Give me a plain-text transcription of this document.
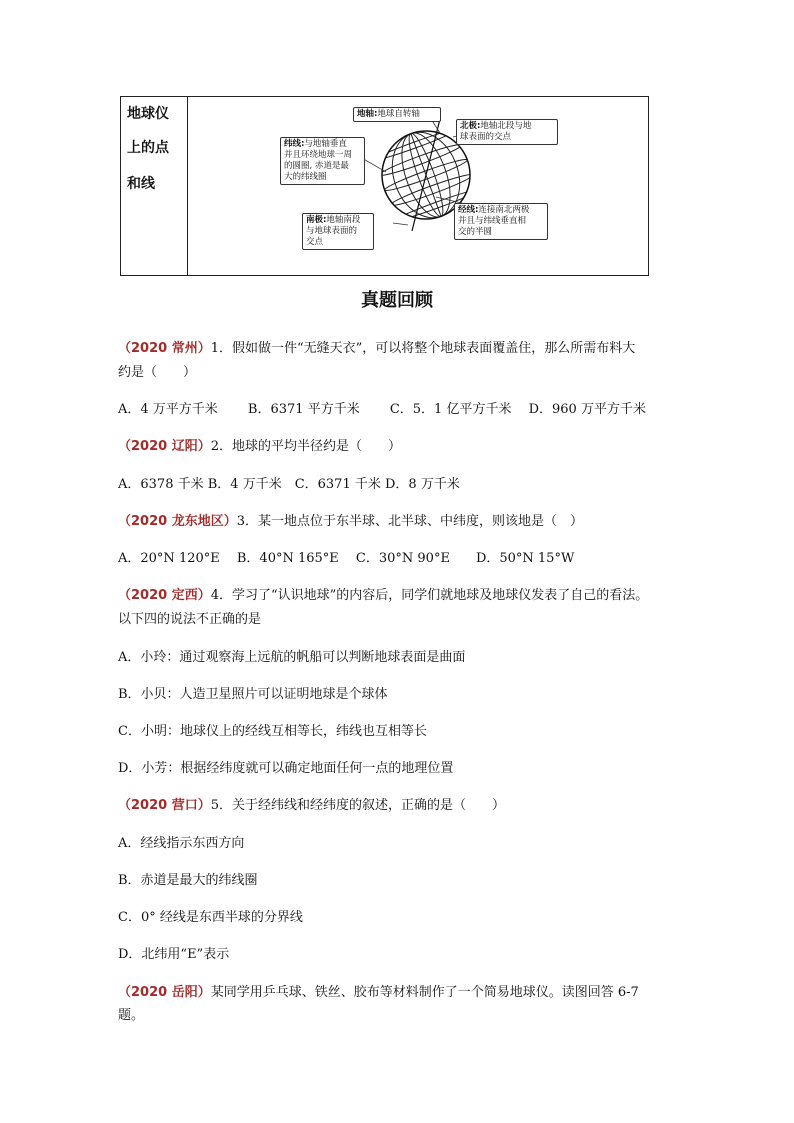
地球仪
上的点
和线
地轴:地球自转轴
北极:地轴北段与地
球表面的交点
纬线:与地轴垂直
并且环绕地球一周
的圆圈, 赤道是最
大的纬线圈
南极:地轴南段
与地球表面的
交点
经线:连接南北两极
并且与纬线垂直相
交的半圆
真题回顾
（2020 常州）1．假如做一件“无缝天衣”，可以将整个地球表面覆盖住，那么所需布料大
约是（　　）
A．4 万平方千米　　 B．6371 平方千米　　 C．5．1 亿平方千米　 D．960 万平方千米
（2020 辽阳）2．地球的平均半径约是（　　）
A．6378 千米 B．4 万千米　C．6371 千米 D．8 万千米
（2020 龙东地区）3．某一地点位于东半球、北半球、中纬度，则该地是（　）
A．20°N 120°E　 B．40°N 165°E　 C．30°N 90°E　　D．50°N 15°W
（2020 定西）4．学习了“认识地球”的内容后，同学们就地球及地球仪发表了自己的看法。
以下四的说法不正确的是
A．小玲：通过观察海上远航的帆船可以判断地球表面是曲面
B．小贝：人造卫星照片可以证明地球是个球体
C．小明：地球仪上的经线互相等长，纬线也互相等长
D．小芳：根据经纬度就可以确定地面任何一点的地理位置
（2020 营口）5．关于经纬线和经纬度的叙述，正确的是（　　）
A．经线指示东西方向
B．赤道是最大的纬线圈
C．0° 经线是东西半球的分界线
D．北纬用“E”表示
（2020 岳阳）某同学用乒乓球、铁丝、胶布等材料制作了一个简易地球仪。读图回答 6-7
题。
